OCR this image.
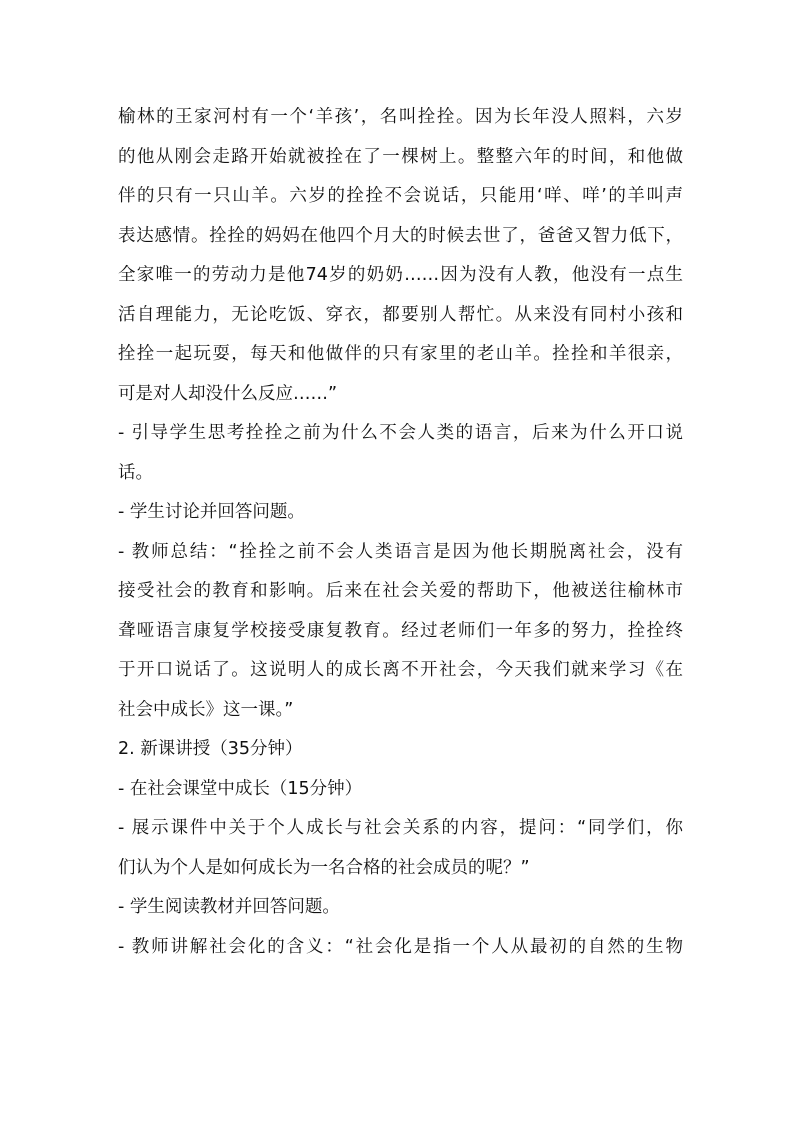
榆林的王家河村有一个‘羊孩’，名叫拴拴。因为长年没人照料，六岁
的他从刚会走路开始就被拴在了一棵树上。整整六年的时间，和他做
伴的只有一只山羊。六岁的拴拴不会说话，只能用‘咩、咩’的羊叫声
表达感情。拴拴的妈妈在他四个月大的时候去世了，爸爸又智力低下，
全家唯一的劳动力是他74岁的奶奶……因为没有人教，他没有一点生
活自理能力，无论吃饭、穿衣，都要别人帮忙。从来没有同村小孩和
拴拴一起玩耍，每天和他做伴的只有家里的老山羊。拴拴和羊很亲，
可是对人却没什么反应……”
- 引导学生思考拴拴之前为什么不会人类的语言，后来为什么开口说
话。
- 学生讨论并回答问题。
- 教师总结：“拴拴之前不会人类语言是因为他长期脱离社会，没有
接受社会的教育和影响。后来在社会关爱的帮助下，他被送往榆林市
聋哑语言康复学校接受康复教育。经过老师们一年多的努力，拴拴终
于开口说话了。这说明人的成长离不开社会，今天我们就来学习《在
社会中成长》这一课。”
2. 新课讲授（35分钟）
- 在社会课堂中成长（15分钟）
- 展示课件中关于个人成长与社会关系的内容，提问：“同学们，你
们认为个人是如何成长为一名合格的社会成员的呢？”
- 学生阅读教材并回答问题。
- 教师讲解社会化的含义：“社会化是指一个人从最初的自然的生物
